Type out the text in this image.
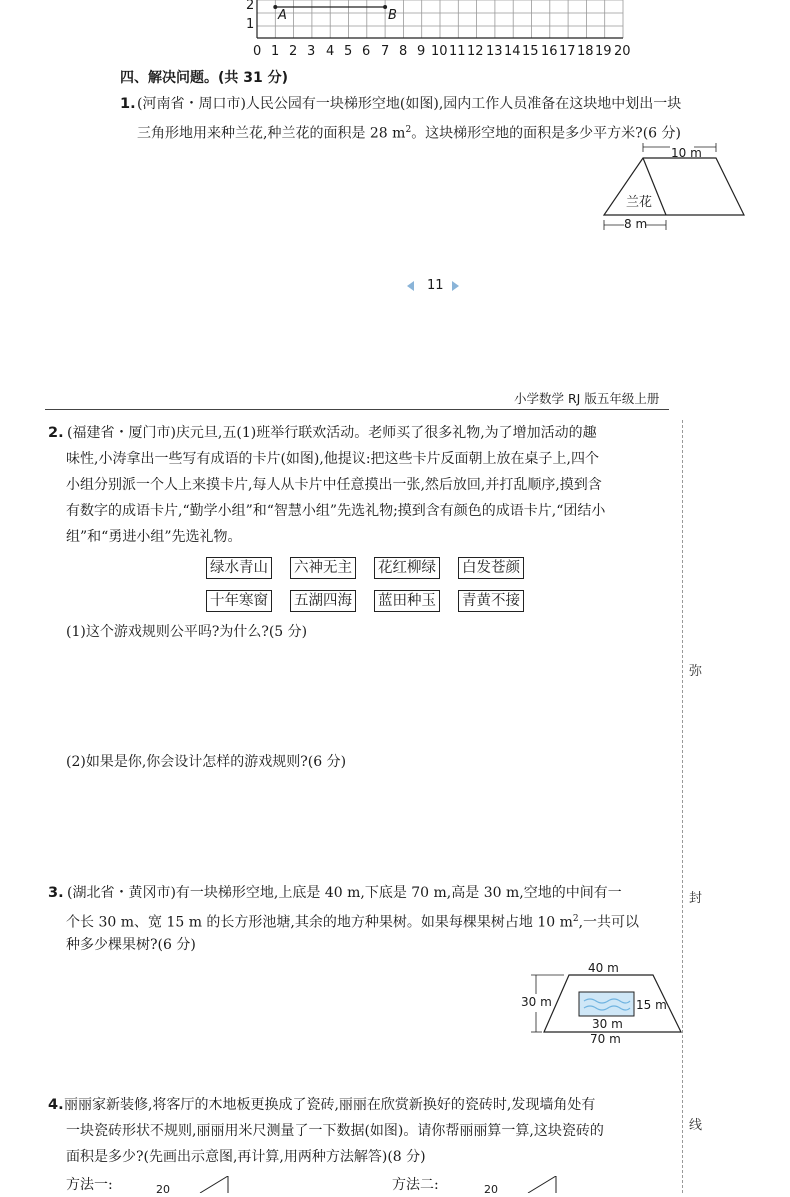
2
1
A	B
0 1 2 3 4 5 6 7 8 9 10 11 12 13 14 15 16 17 18 19 20
四、解决问题。(共 31 分)
1. (河南省・周口市)人民公园有一块梯形空地(如图),园内工作人员准备在这块地中划出一块
三角形地用来种兰花,种兰花的面积是 28 $m^2$。这块梯形空地的面积是多少平方米?(6 分)
10 m
8 m
兰花
11
小学数学 RJ 版五年级上册
弥
封
线
2. (福建省・厦门市)庆元旦,五(1)班举行联欢活动。老师买了很多礼物,为了增加活动的趣
味性,小涛拿出一些写有成语的卡片(如图),他提议:把这些卡片反面朝上放在桌子上,四个
小组分别派一个人上来摸卡片,每人从卡片中任意摸出一张,然后放回,并打乱顺序,摸到含
有数字的成语卡片,“勤学小组”和“智慧小组”先选礼物;摸到含有颜色的成语卡片,“团结小
组”和“勇进小组”先选礼物。
绿水青山 六神无主 花红柳绿 白发苍颜
十年寒窗 五湖四海 蓝田种玉 青黄不接
(1)这个游戏规则公平吗?为什么?(5 分)
(2)如果是你,你会设计怎样的游戏规则?(6 分)
3. (湖北省・黄冈市)有一块梯形空地,上底是 40 m,下底是 70 m,高是 30 m,空地的中间有一
个长 30 m、宽 15 m 的长方形池塘,其余的地方种果树。如果每棵果树占地 10 $m^2$,一共可以
种多少棵果树?(6 分)
40 m
30 m	15 m
30 m
70 m
4. 丽丽家新装修,将客厅的木地板更换成了瓷砖,丽丽在欣赏新换好的瓷砖时,发现墙角处有
一块瓷砖形状不规则,丽丽用米尺测量了一下数据(如图)。请你帮丽丽算一算,这块瓷砖的
面积是多少?(先画出示意图,再计算,用两种方法解答)(8 分)
方法一:	方法二:
20	20
